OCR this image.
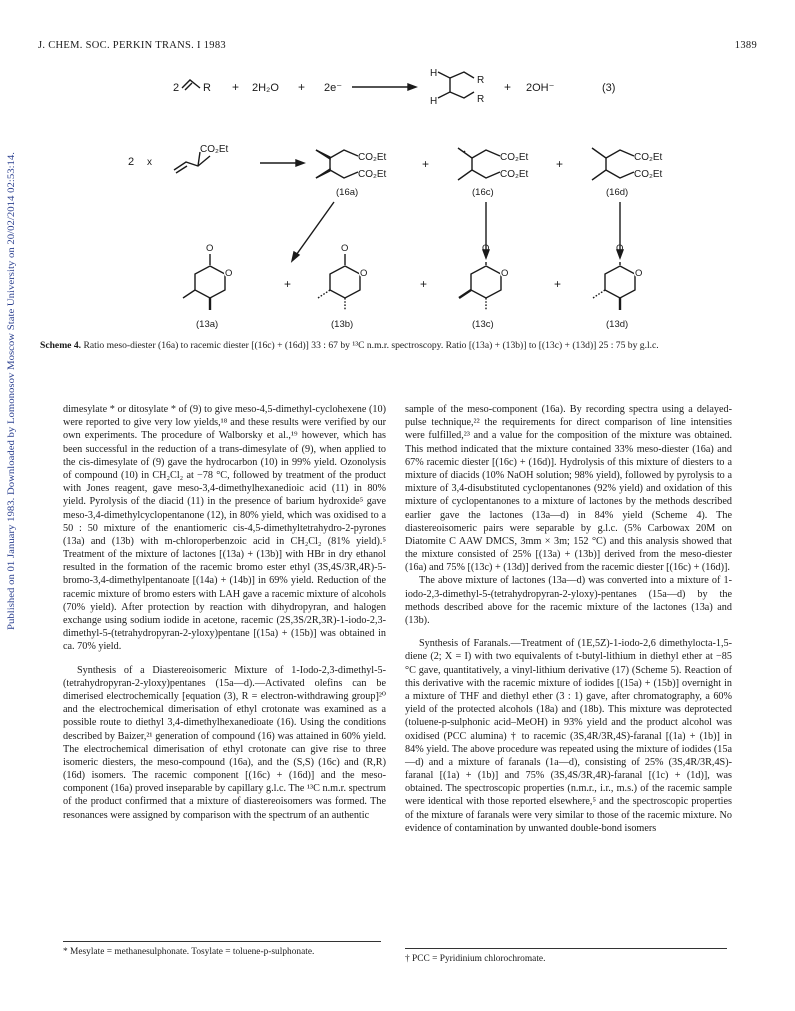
Published on 01 January 1983. Downloaded by Lomonosov Moscow State University on 20/02/2014 02:53:14.
J. CHEM. SOC. PERKIN TRANS. I 1983	1389
2 R + 2H₂O + 2e⁻
H
R
H	R
+ 2OH⁻	(3)
2 x
CO₂Et
CO₂Et
CO₂Et
(16a)
+	CO₂Et
CO₂Et
(16c)
+	CO₂Et
CO₂Et
(16d)
O
O
(13a)
+
O
O
(13b)
+
O
O
(13c)
+
O
O
(13d)
Scheme 4. Ratio meso-diester (16a) to racemic diester [(16c) + (16d)] 33 : 67 by ¹³C n.m.r. spectroscopy. Ratio [(13a) + (13b)] to [(13c) + (13d)] 25 : 75 by g.l.c.

dimesylate * or ditosylate * of (9) to give meso-4,5-dimethyl-cyclohexene (10) were reported to give very low yields,¹⁸ and these results were verified by our own experiments. The procedure of Walborsky et al.,¹⁹ however, which has been successful in the reduction of a trans-dimesylate of (9), when applied to the cis-dimesylate of (9) gave the hydrocarbon (10) in 99% yield. Ozonolysis of compound (10) in CH₂Cl₂ at −78 °C, followed by treatment of the product with Jones reagent, gave meso-3,4-dimethylhexanedioic acid (11) in 80% yield. Pyrolysis of the diacid (11) in the presence of barium hydroxide⁵ gave meso-3,4-dimethylcyclopentanone (12), in 80% yield, which was oxidised to a 50 : 50 mixture of the enantiomeric cis-4,5-dimethyltetrahydro-2-pyrones (13a) and (13b) with m-chloroperbenzoic acid in CH₂Cl₂ (81% yield).⁵ Treatment of the mixture of lactones [(13a) + (13b)] with HBr in dry ethanol resulted in the formation of the racemic bromo ester ethyl (3S,4S/3R,4R)-5-bromo-3,4-dimethylpentanoate [(14a) + (14b)] in 69% yield. Reduction of the racemic mixture of bromo esters with LAH gave a racemic mixture of alcohols (70% yield). After protection by reaction with dihydropyran, and halogen exchange using sodium iodide in acetone, racemic (2S,3S/2R,3R)-1-iodo-2,3-dimethyl-5-(tetrahydropyran-2-yloxy)pentane [(15a) + (15b)] was obtained in ca. 70% yield.

Synthesis of a Diastereoisomeric Mixture of 1-Iodo-2,3-dimethyl-5-(tetrahydropyran-2-yloxy)pentanes (15a—d).—Activated olefins can be dimerised electrochemically [equation (3), R = electron-withdrawing group]²⁰ and the electrochemical dimerisation of ethyl crotonate was examined as a possible route to diethyl 3,4-dimethylhexanedioate (16). Using the conditions described by Baizer,²¹ generation of compound (16) was attained in 60% yield. The electrochemical dimerisation of ethyl crotonate can give rise to three isomeric diesters, the meso-compound (16a), and the (S,S) (16c) and (R,R) (16d) isomers. The racemic component [(16c) + (16d)] and the meso-component (16a) proved inseparable by capillary g.l.c. The ¹³C n.m.r. spectrum of the product confirmed that a mixture of diastereoisomers was formed. The resonances were assigned by comparison with the spectrum of an authentic

sample of the meso-component (16a). By recording spectra using a delayed-pulse technique,²² the requirements for direct comparison of line intensities were fulfilled,²³ and a value for the composition of the mixture was obtained. This method indicated that the mixture contained 33% meso-diester (16a) and 67% racemic diester [(16c) + (16d)]. Hydrolysis of this mixture of diesters to a mixture of diacids (10% NaOH solution; 98% yield), followed by pyrolysis to a mixture of 3,4-disubstituted cyclopentanones (92% yield) and oxidation of this mixture of cyclopentanones to a mixture of lactones by the methods described earlier gave the lactones (13a—d) in 84% yield (Scheme 4). The diastereoisomeric pairs were separable by g.l.c. (5% Carbowax 20M on Diatomite C AAW DMCS, 3mm × 3m; 152 °C) and this analysis showed that the mixture consisted of 25% [(13a) + (13b)] derived from the meso-diester (16a) and 75% [(13c) + (13d)] derived from the racemic diester [(16c) + (16d)].

The above mixture of lactones (13a—d) was converted into a mixture of 1-iodo-2,3-dimethyl-5-(tetrahydropyran-2-yloxy)-pentanes (15a—d) by the methods described above for the racemic mixture of the lactones (13a) and (13b).

Synthesis of Faranals.—Treatment of (1E,5Z)-1-iodo-2,6 dimethylocta-1,5-diene (2; X = I) with two equivalents of t-butyl-lithium in diethyl ether at −85 °C gave, quantitatively, a vinyl-lithium derivative (17) (Scheme 5). Reaction of this derivative with the racemic mixture of iodides [(15a) + (15b)] overnight in a mixture of THF and diethyl ether (3 : 1) gave, after chromatography, a 60% yield of the protected alcohols (18a) and (18b). This mixture was deprotected (toluene-p-sulphonic acid–MeOH) in 93% yield and the product alcohol was oxidised (PCC alumina) † to racemic (3S,4R/3R,4S)-faranal [(1a) + (1b)] in 84% yield. The above procedure was repeated using the mixture of iodides (15a—d) and a mixture of faranals (1a—d), consisting of 25% (3S,4R/3R,4S)-faranal [(1a) + (1b)] and 75% (3S,4S/3R,4R)-faranal [(1c) + (1d)], was obtained. The spectroscopic properties (n.m.r., i.r., m.s.) of the racemic sample were identical with those reported elsewhere,⁵ and the spectroscopic properties of the mixture of faranals were very similar to those of the racemic mixture. No evidence of contamination by unwanted double-bond isomers

* Mesylate = methanesulphonate. Tosylate = toluene-p-sulphonate.

† PCC = Pyridinium chlorochromate.
